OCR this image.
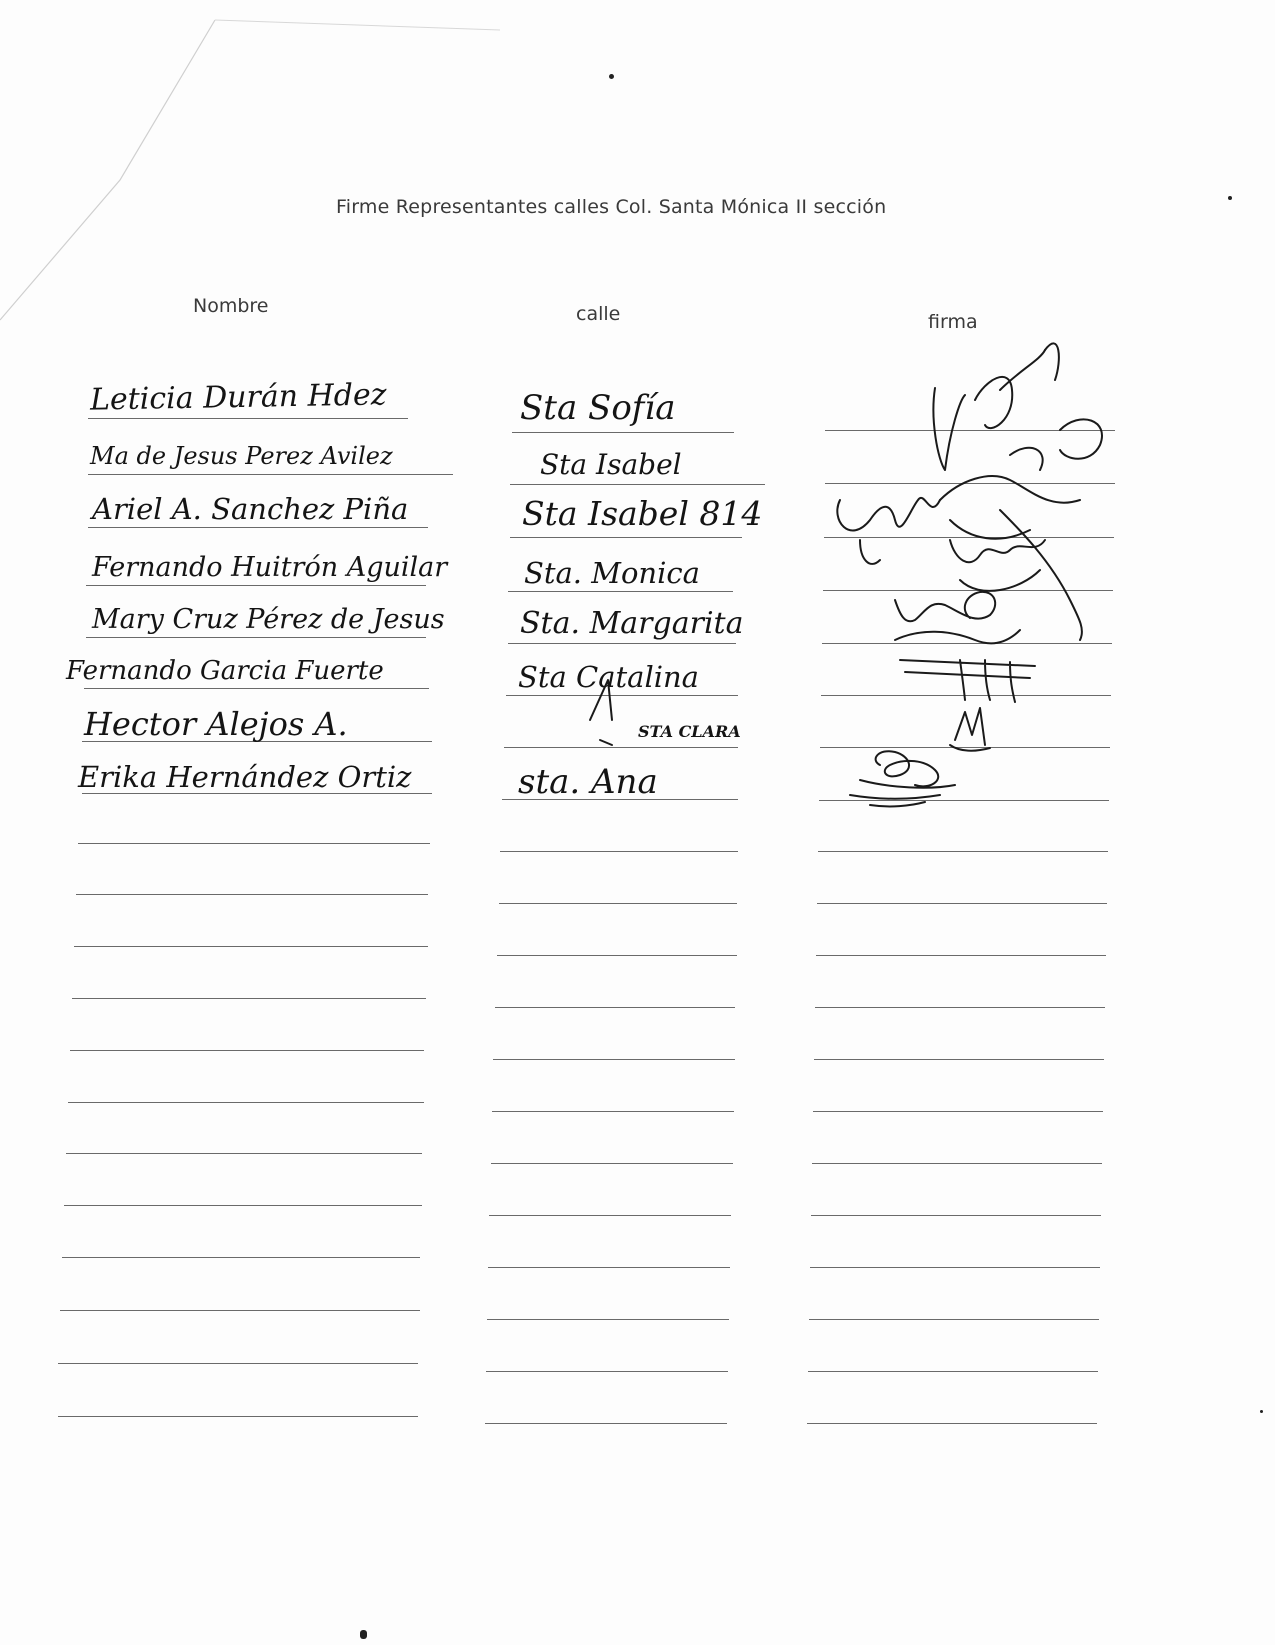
Firme Representantes calles Col. Santa Mónica II sección
Nombre	calle	firma
Leticia Durán Hdez
Ma de Jesus Perez Avilez
Ariel A. Sanchez Piña
Fernando Huitrón Aguilar
Mary Cruz Pérez de Jesus
Fernando Garcia Fuerte
Hector Alejos A.
Erika Hernández Ortiz
Sta Sofía
Sta Isabel
Sta Isabel 814
Sta. Monica
Sta. Margarita
Sta Catalina
STA CLARA
sta. Ana
